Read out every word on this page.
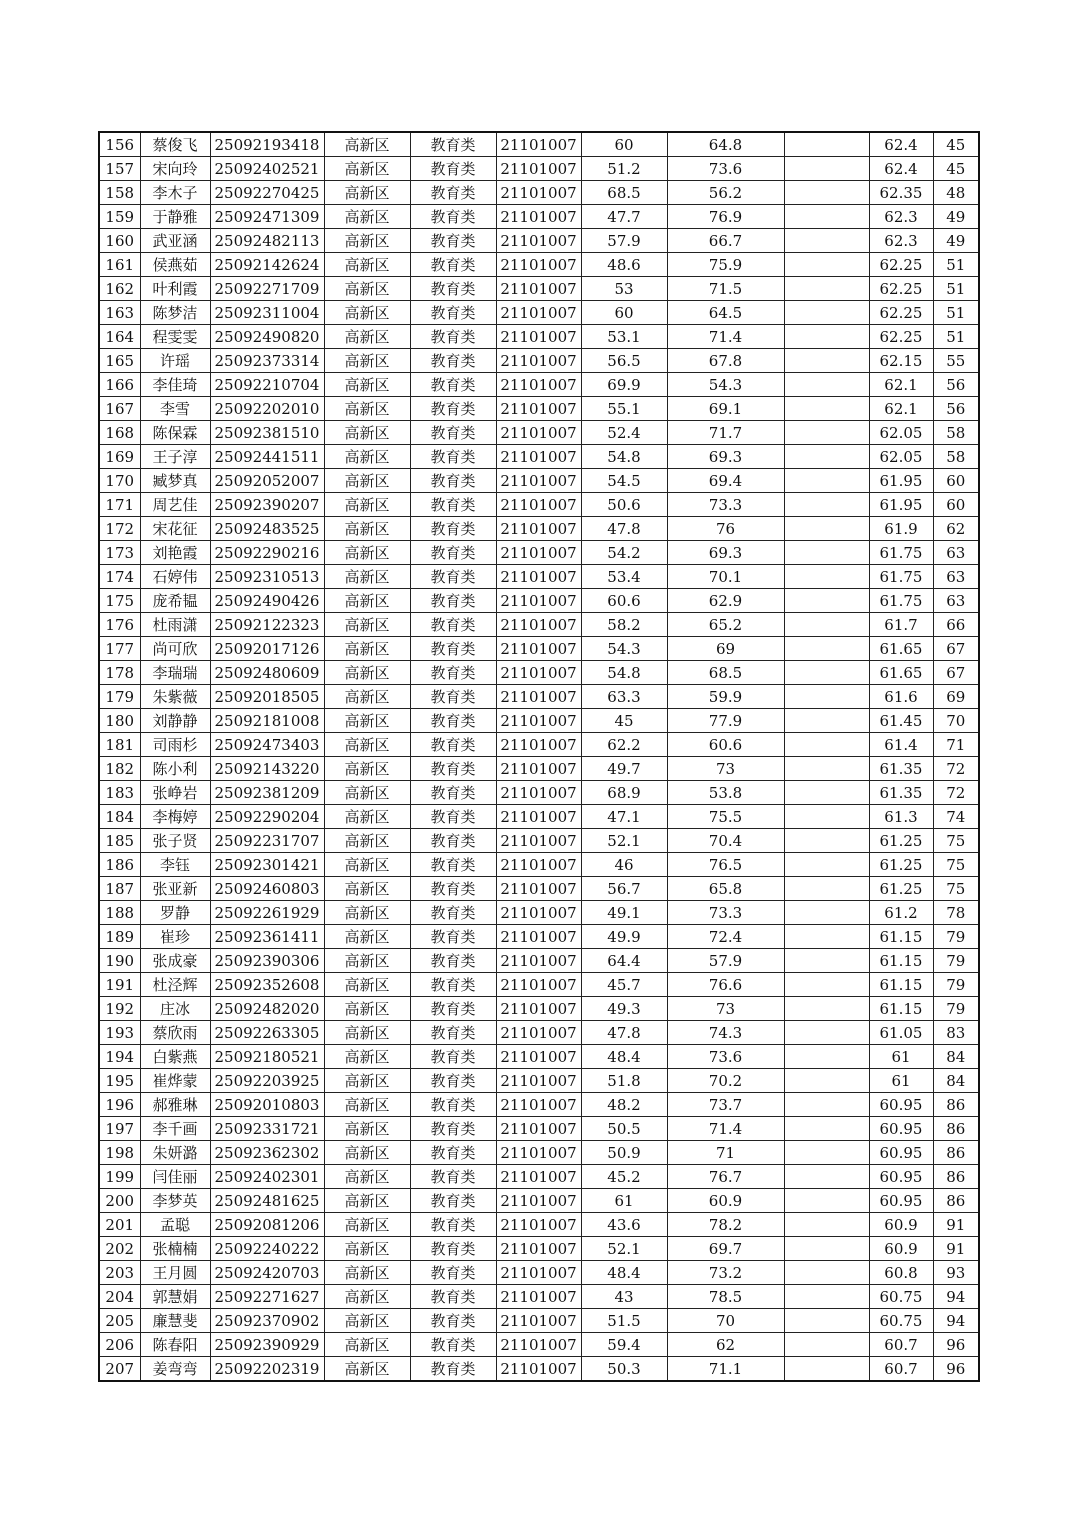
156	蔡俊飞	25092193418	高新区	教育类	21101007	60	64.8		62.4	45
157	宋向玲	25092402521	高新区	教育类	21101007	51.2	73.6		62.4	45
158	李木子	25092270425	高新区	教育类	21101007	68.5	56.2		62.35	48
159	于静雅	25092471309	高新区	教育类	21101007	47.7	76.9		62.3	49
160	武亚涵	25092482113	高新区	教育类	21101007	57.9	66.7		62.3	49
161	侯燕茹	25092142624	高新区	教育类	21101007	48.6	75.9		62.25	51
162	叶利霞	25092271709	高新区	教育类	21101007	53	71.5		62.25	51
163	陈梦洁	25092311004	高新区	教育类	21101007	60	64.5		62.25	51
164	程雯雯	25092490820	高新区	教育类	21101007	53.1	71.4		62.25	51
165	许瑶	25092373314	高新区	教育类	21101007	56.5	67.8		62.15	55
166	李佳琦	25092210704	高新区	教育类	21101007	69.9	54.3		62.1	56
167	李雪	25092202010	高新区	教育类	21101007	55.1	69.1		62.1	56
168	陈保霖	25092381510	高新区	教育类	21101007	52.4	71.7		62.05	58
169	王子淳	25092441511	高新区	教育类	21101007	54.8	69.3		62.05	58
170	臧梦真	25092052007	高新区	教育类	21101007	54.5	69.4		61.95	60
171	周艺佳	25092390207	高新区	教育类	21101007	50.6	73.3		61.95	60
172	宋花征	25092483525	高新区	教育类	21101007	47.8	76		61.9	62
173	刘艳霞	25092290216	高新区	教育类	21101007	54.2	69.3		61.75	63
174	石婷伟	25092310513	高新区	教育类	21101007	53.4	70.1		61.75	63
175	庞希韫	25092490426	高新区	教育类	21101007	60.6	62.9		61.75	63
176	杜雨潇	25092122323	高新区	教育类	21101007	58.2	65.2		61.7	66
177	尚可欣	25092017126	高新区	教育类	21101007	54.3	69		61.65	67
178	李瑞瑞	25092480609	高新区	教育类	21101007	54.8	68.5		61.65	67
179	朱紫薇	25092018505	高新区	教育类	21101007	63.3	59.9		61.6	69
180	刘静静	25092181008	高新区	教育类	21101007	45	77.9		61.45	70
181	司雨杉	25092473403	高新区	教育类	21101007	62.2	60.6		61.4	71
182	陈小利	25092143220	高新区	教育类	21101007	49.7	73		61.35	72
183	张峥岩	25092381209	高新区	教育类	21101007	68.9	53.8		61.35	72
184	李梅婷	25092290204	高新区	教育类	21101007	47.1	75.5		61.3	74
185	张子贤	25092231707	高新区	教育类	21101007	52.1	70.4		61.25	75
186	李钰	25092301421	高新区	教育类	21101007	46	76.5		61.25	75
187	张亚新	25092460803	高新区	教育类	21101007	56.7	65.8		61.25	75
188	罗静	25092261929	高新区	教育类	21101007	49.1	73.3		61.2	78
189	崔珍	25092361411	高新区	教育类	21101007	49.9	72.4		61.15	79
190	张成豪	25092390306	高新区	教育类	21101007	64.4	57.9		61.15	79
191	杜泾辉	25092352608	高新区	教育类	21101007	45.7	76.6		61.15	79
192	庄冰	25092482020	高新区	教育类	21101007	49.3	73		61.15	79
193	蔡欣雨	25092263305	高新区	教育类	21101007	47.8	74.3		61.05	83
194	白紫燕	25092180521	高新区	教育类	21101007	48.4	73.6		61	84
195	崔烨蒙	25092203925	高新区	教育类	21101007	51.8	70.2		61	84
196	郝雅琳	25092010803	高新区	教育类	21101007	48.2	73.7		60.95	86
197	李千画	25092331721	高新区	教育类	21101007	50.5	71.4		60.95	86
198	朱妍潞	25092362302	高新区	教育类	21101007	50.9	71		60.95	86
199	闫佳丽	25092402301	高新区	教育类	21101007	45.2	76.7		60.95	86
200	李梦英	25092481625	高新区	教育类	21101007	61	60.9		60.95	86
201	孟聪	25092081206	高新区	教育类	21101007	43.6	78.2		60.9	91
202	张楠楠	25092240222	高新区	教育类	21101007	52.1	69.7		60.9	91
203	王月圆	25092420703	高新区	教育类	21101007	48.4	73.2		60.8	93
204	郭慧娟	25092271627	高新区	教育类	21101007	43	78.5		60.75	94
205	廉慧斐	25092370902	高新区	教育类	21101007	51.5	70		60.75	94
206	陈春阳	25092390929	高新区	教育类	21101007	59.4	62		60.7	96
207	姜弯弯	25092202319	高新区	教育类	21101007	50.3	71.1		60.7	96
